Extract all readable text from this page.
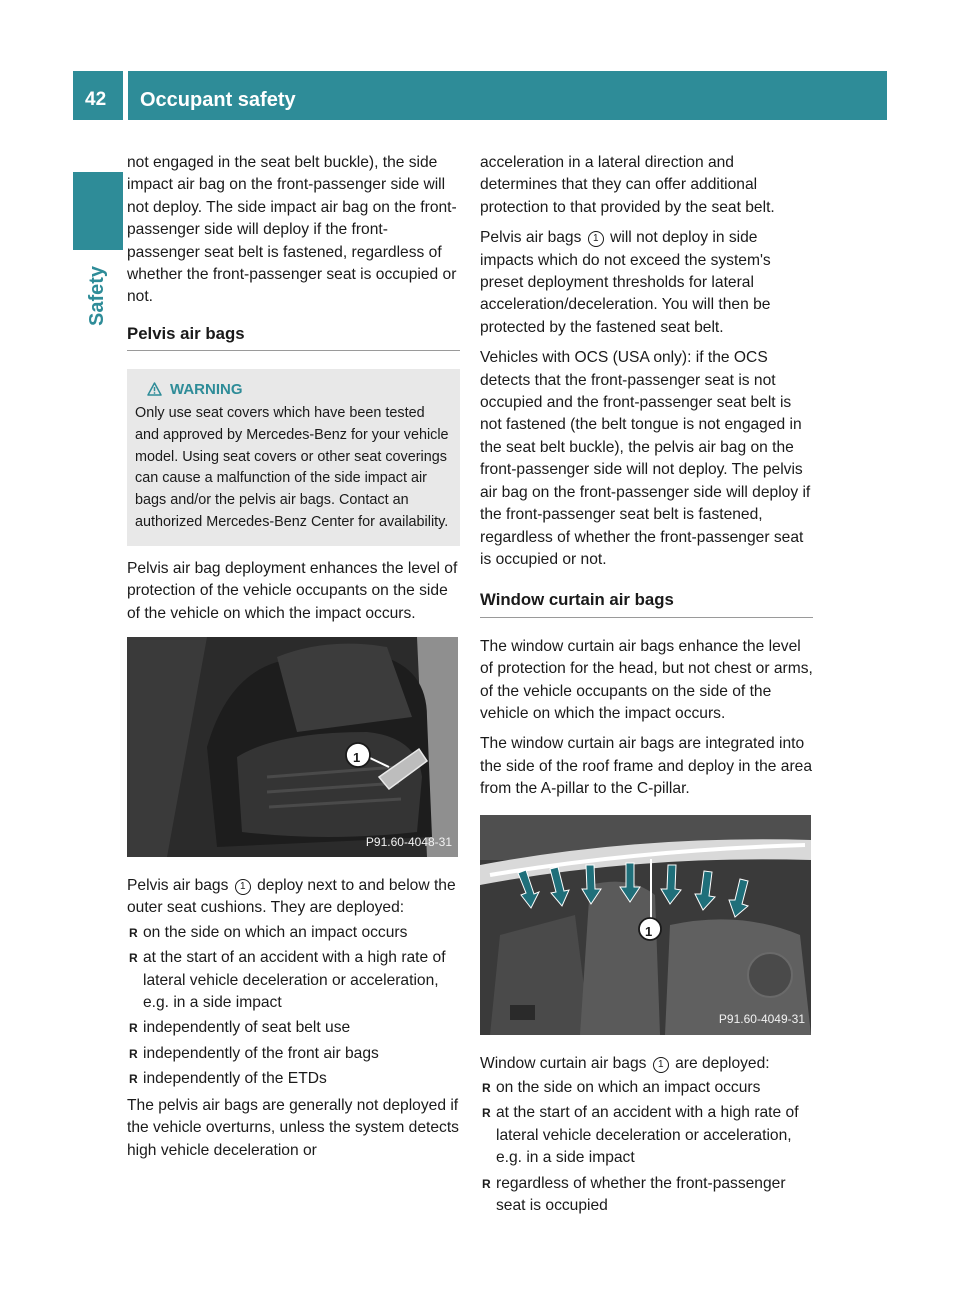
42 Occupant safety
Safety

not engaged in the seat belt buckle), the side impact air bag on the front-passenger side will not deploy. The side impact air bag on the front-passenger side will deploy if the front-passenger seat belt is fastened, regardless of whether the front-passenger seat is occupied or not.

Pelvis air bags
WARNING
Only use seat covers which have been tested and approved by Mercedes-Benz for your vehicle model. Using seat covers or other seat coverings can cause a malfunction of the side impact air bags and/or the pelvis air bags. Contact an authorized Mercedes-Benz Center for availability.

Pelvis air bag deployment enhances the level of protection of the vehicle occupants on the side of the vehicle on which the impact occurs.

1
P91.60-4048-31

Pelvis air bags 1 deploy next to and below the outer seat cushions. They are deployed:

R on the side on which an impact occurs
R at the start of an accident with a high rate of lateral vehicle deceleration or acceleration, e.g. in a side impact
R independently of seat belt use
R independently of the front air bags
R independently of the ETDs

The pelvis air bags are generally not deployed if the vehicle overturns, unless the system detects high vehicle deceleration or

acceleration in a lateral direction and determines that they can offer additional protection to that provided by the seat belt.

Pelvis air bags 1 will not deploy in side impacts which do not exceed the system's preset deployment thresholds for lateral acceleration/deceleration. You will then be protected by the fastened seat belt.

Vehicles with OCS (USA only): if the OCS detects that the front-passenger seat is not occupied and the front-passenger seat belt is not fastened (the belt tongue is not engaged in the seat belt buckle), the pelvis air bag on the front-passenger side will not deploy. The pelvis air bag on the front-passenger side will deploy if the front-passenger seat belt is fastened, regardless of whether the front-passenger seat is occupied or not.

Window curtain air bags

The window curtain air bags enhance the level of protection for the head, but not chest or arms, of the vehicle occupants on the side of the vehicle on which the impact occurs.

The window curtain air bags are integrated into the side of the roof frame and deploy in the area from the A-pillar to the C-pillar.

1
P91.60-4049-31

Window curtain air bags 1 are deployed:

R on the side on which an impact occurs
R at the start of an accident with a high rate of lateral vehicle deceleration or acceleration, e.g. in a side impact
R regardless of whether the front-passenger seat is occupied
